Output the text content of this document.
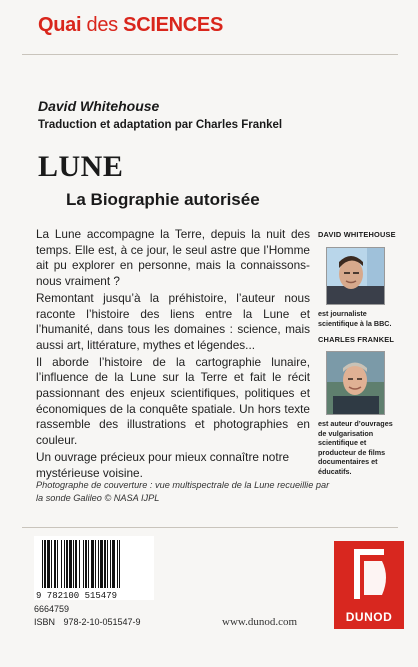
Quai des SCIENCES
David Whitehouse
Traduction et adaptation par Charles Frankel
LUNE
La Biographie autorisée

La Lune accompagne la Terre, depuis la nuit des temps. Elle est, à ce jour, le seul astre que l’Homme ait pu explorer en personne, mais la connaissons-nous vraiment ?

Remontant jusqu’à la préhistoire, l’auteur nous raconte l’histoire des liens entre la Lune et l’humanité, dans tous les domaines : science, mais aussi art, littérature, mythes et légendes...

Il aborde l’histoire de la cartographie lunaire, l’influence de la Lune sur la Terre et fait le récit passionnant des enjeux scientifiques, politiques et économiques de la conquête spatiale. Un hors texte rassemble des illustrations et photographies en couleur.

Un ouvrage précieux pour mieux connaître notre mystérieuse voisine.

Photographe de couverture : vue multispectrale de la Lune recueillie par la sonde Galileo © NASA IJPL
DAVID WHITEHOUSE
est journaliste scientifique à la BBC.
CHARLES FRANKEL
est auteur d’ouvrages de vulgarisation scientifique et producteur de films documentaires et éducatifs.
9 782100 515479
6664759
ISBN 978-2-10-051547-9	www.dunod.com	DUNOD
